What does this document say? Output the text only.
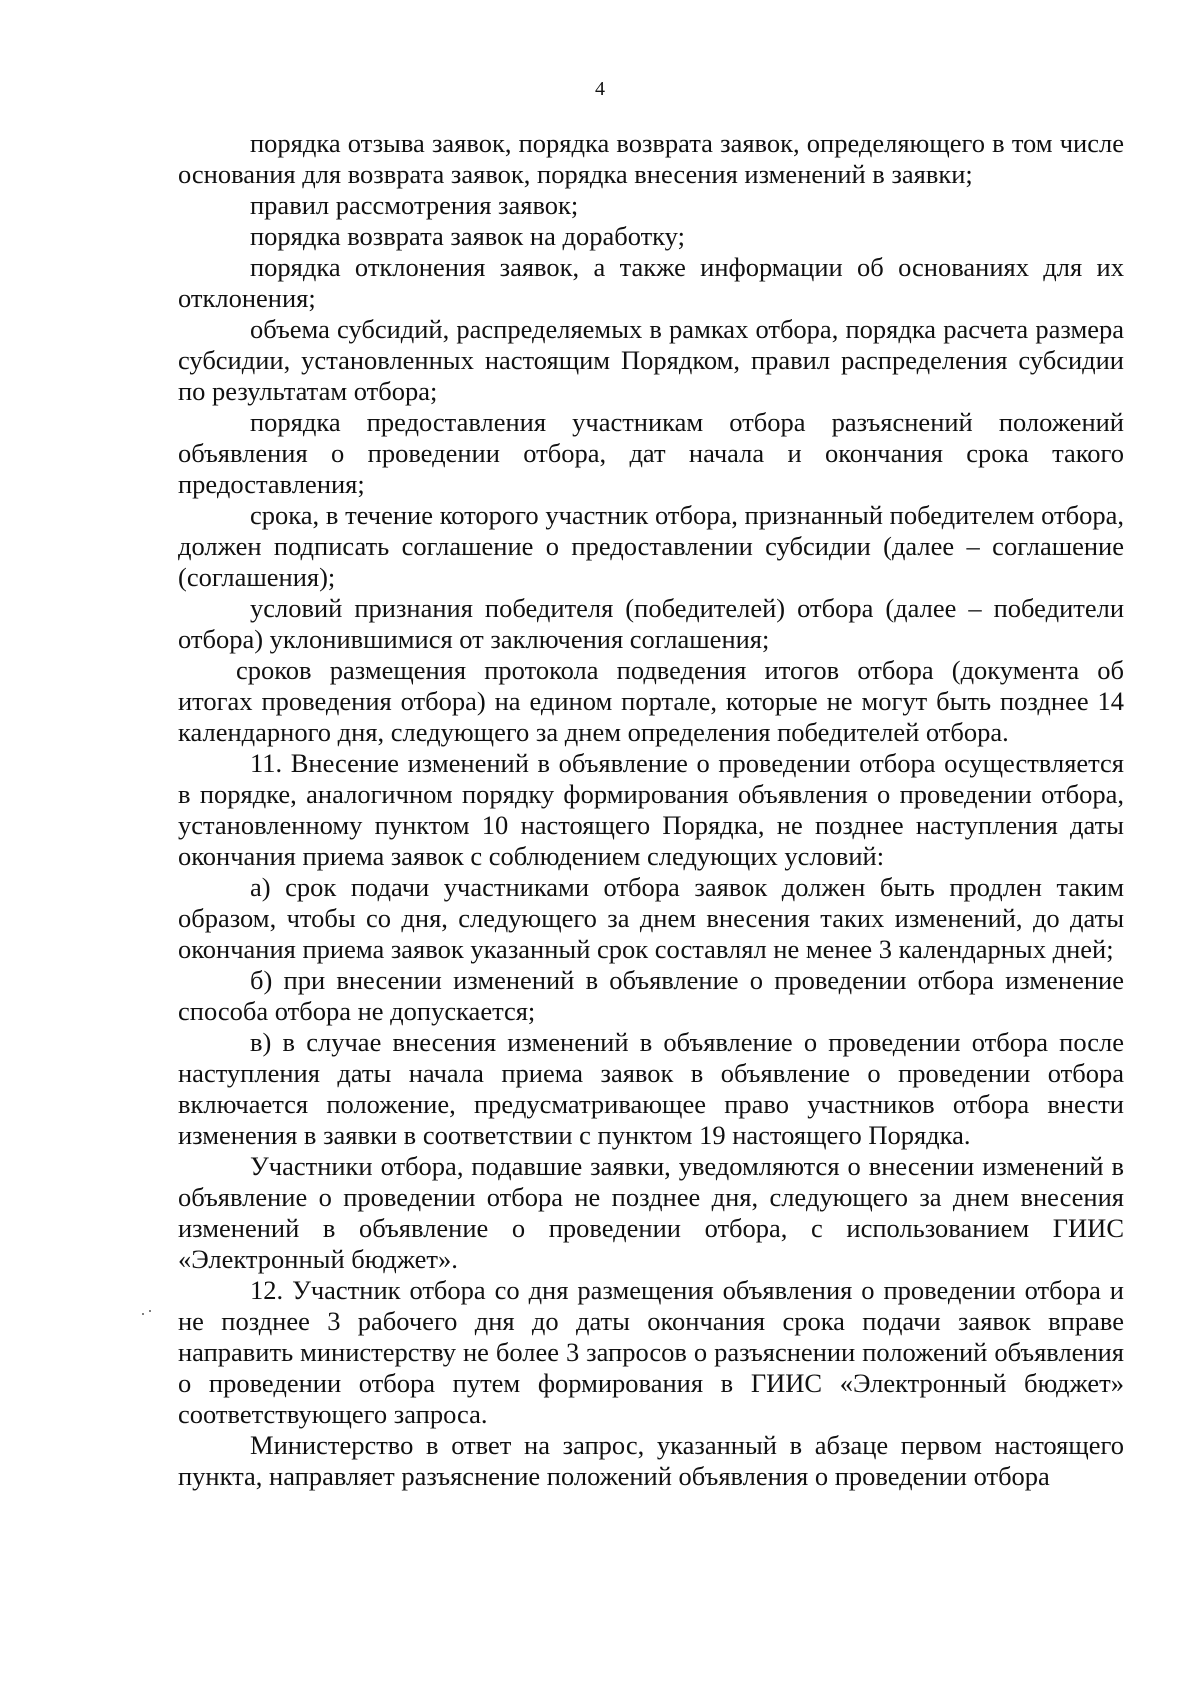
4

порядка отзыва заявок, порядка возврата заявок, определяющего в том числе основания для возврата заявок, порядка внесения изменений в заявки;

правил рассмотрения заявок;

порядка возврата заявок на доработку;

порядка отклонения заявок, а также информации об основаниях для их отклонения;

объема субсидий, распределяемых в рамках отбора, порядка расчета размера субсидии, установленных настоящим Порядком, правил распределения субсидии по результатам отбора;

порядка предоставления участникам отбора разъяснений положений объявления о проведении отбора, дат начала и окончания срока такого предоставления;

срока, в течение которого участник отбора, признанный победителем отбора, должен подписать соглашение о предоставлении субсидии (далее – соглашение (соглашения);

условий признания победителя (победителей) отбора (далее – победители отбора) уклонившимися от заключения соглашения;

сроков размещения протокола подведения итогов отбора (документа об итогах проведения отбора) на едином портале, которые не могут быть позднее 14 календарного дня, следующего за днем определения победителей отбора.

11. Внесение изменений в объявление о проведении отбора осуществляется в порядке, аналогичном порядку формирования объявления о проведении отбора, установленному пунктом 10 настоящего Порядка, не позднее наступления даты окончания приема заявок с соблюдением следующих условий:

а) срок подачи участниками отбора заявок должен быть продлен таким образом, чтобы со дня, следующего за днем внесения таких изменений, до даты окончания приема заявок указанный срок составлял не менее 3 календарных дней;

б) при внесении изменений в объявление о проведении отбора изменение способа отбора не допускается;

в) в случае внесения изменений в объявление о проведении отбора после наступления даты начала приема заявок в объявление о проведении отбора включается положение, предусматривающее право участников отбора внести изменения в заявки в соответствии с пунктом 19 настоящего Порядка.

Участники отбора, подавшие заявки, уведомляются о внесении изменений в объявление о проведении отбора не позднее дня, следующего за днем внесения изменений в объявление о проведении отбора, с использованием ГИИС «Электронный бюджет».

12. Участник отбора со дня размещения объявления о проведении отбора и не позднее 3 рабочего дня до даты окончания срока подачи заявок вправе направить министерству не более 3 запросов о разъяснении положений объявления о проведении отбора путем формирования в ГИИС «Электронный бюджет» соответствующего запроса.

Министерство в ответ на запрос, указанный в абзаце первом настоящего пункта, направляет разъяснение положений объявления о проведении отбора
